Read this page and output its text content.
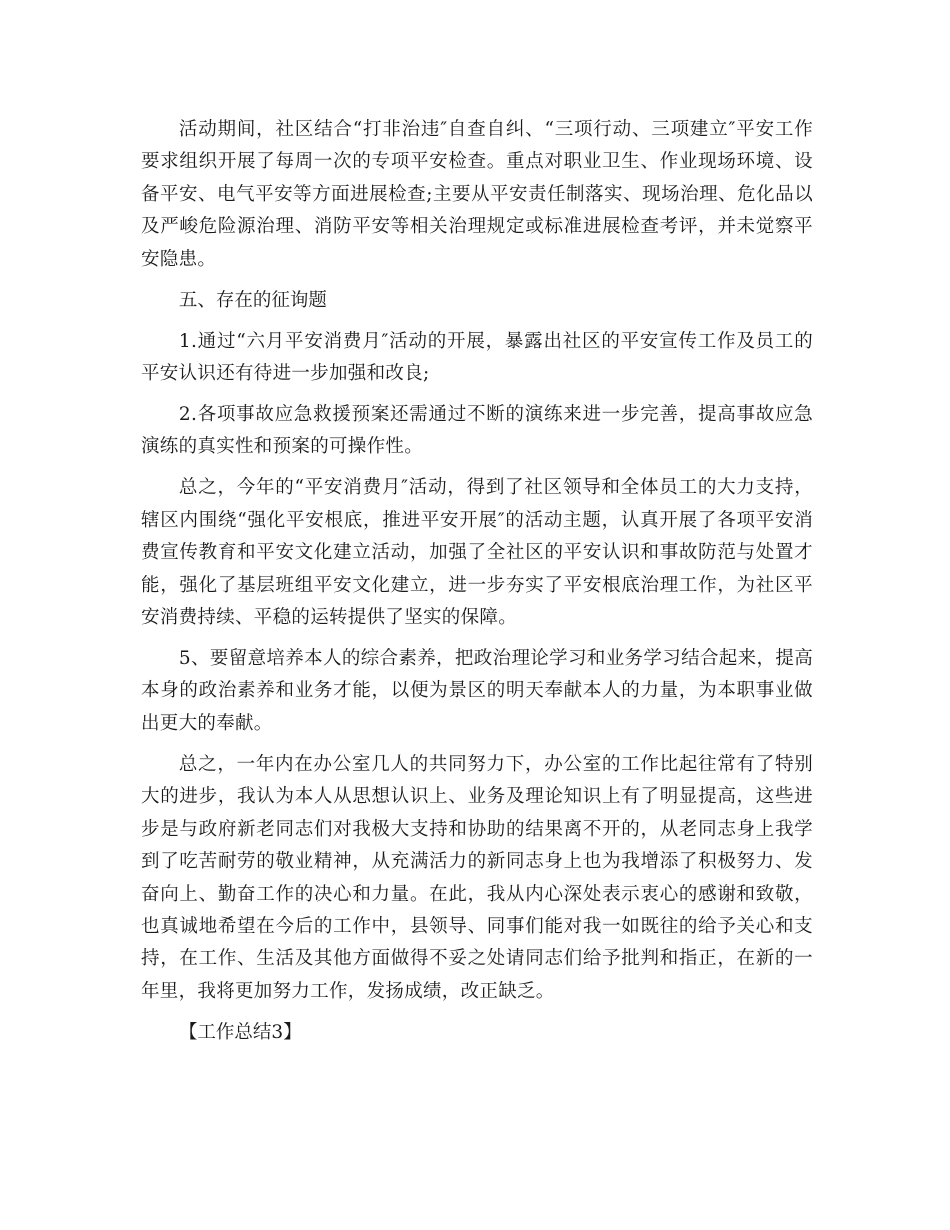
活动期间，社区结合“打非治违″自查自纠、“三项行动、三项建立″平安工作要求组织开展了每周一次的专项平安检查。重点对职业卫生、作业现场环境、设备平安、电气平安等方面进展检查;主要从平安责任制落实、现场治理、危化品以及严峻危险源治理、消防平安等相关治理规定或标准进展检查考评，并未觉察平安隐患。

五、存在的征询题

1.通过“六月平安消费月″活动的开展，暴露出社区的平安宣传工作及员工的平安认识还有待进一步加强和改良;

2.各项事故应急救援预案还需通过不断的演练来进一步完善，提高事故应急演练的真实性和预案的可操作性。

总之，今年的“平安消费月″活动，得到了社区领导和全体员工的大力支持，辖区内围绕“强化平安根底，推进平安开展″的活动主题，认真开展了各项平安消费宣传教育和平安文化建立活动，加强了全社区的平安认识和事故防范与处置才能，强化了基层班组平安文化建立，进一步夯实了平安根底治理工作，为社区平安消费持续、平稳的运转提供了坚实的保障。

5、要留意培养本人的综合素养，把政治理论学习和业务学习结合起来，提高本身的政治素养和业务才能，以便为景区的明天奉献本人的力量，为本职事业做出更大的奉献。

总之，一年内在办公室几人的共同努力下，办公室的工作比起往常有了特别大的进步，我认为本人从思想认识上、业务及理论知识上有了明显提高，这些进步是与政府新老同志们对我极大支持和协助的结果离不开的，从老同志身上我学到了吃苦耐劳的敬业精神，从充满活力的新同志身上也为我增添了积极努力、发奋向上、勤奋工作的决心和力量。在此，我从内心深处表示衷心的感谢和致敬，也真诚地希望在今后的工作中，县领导、同事们能对我一如既往的给予关心和支持，在工作、生活及其他方面做得不妥之处请同志们给予批判和指正，在新的一年里，我将更加努力工作，发扬成绩，改正缺乏。

【工作总结3】
